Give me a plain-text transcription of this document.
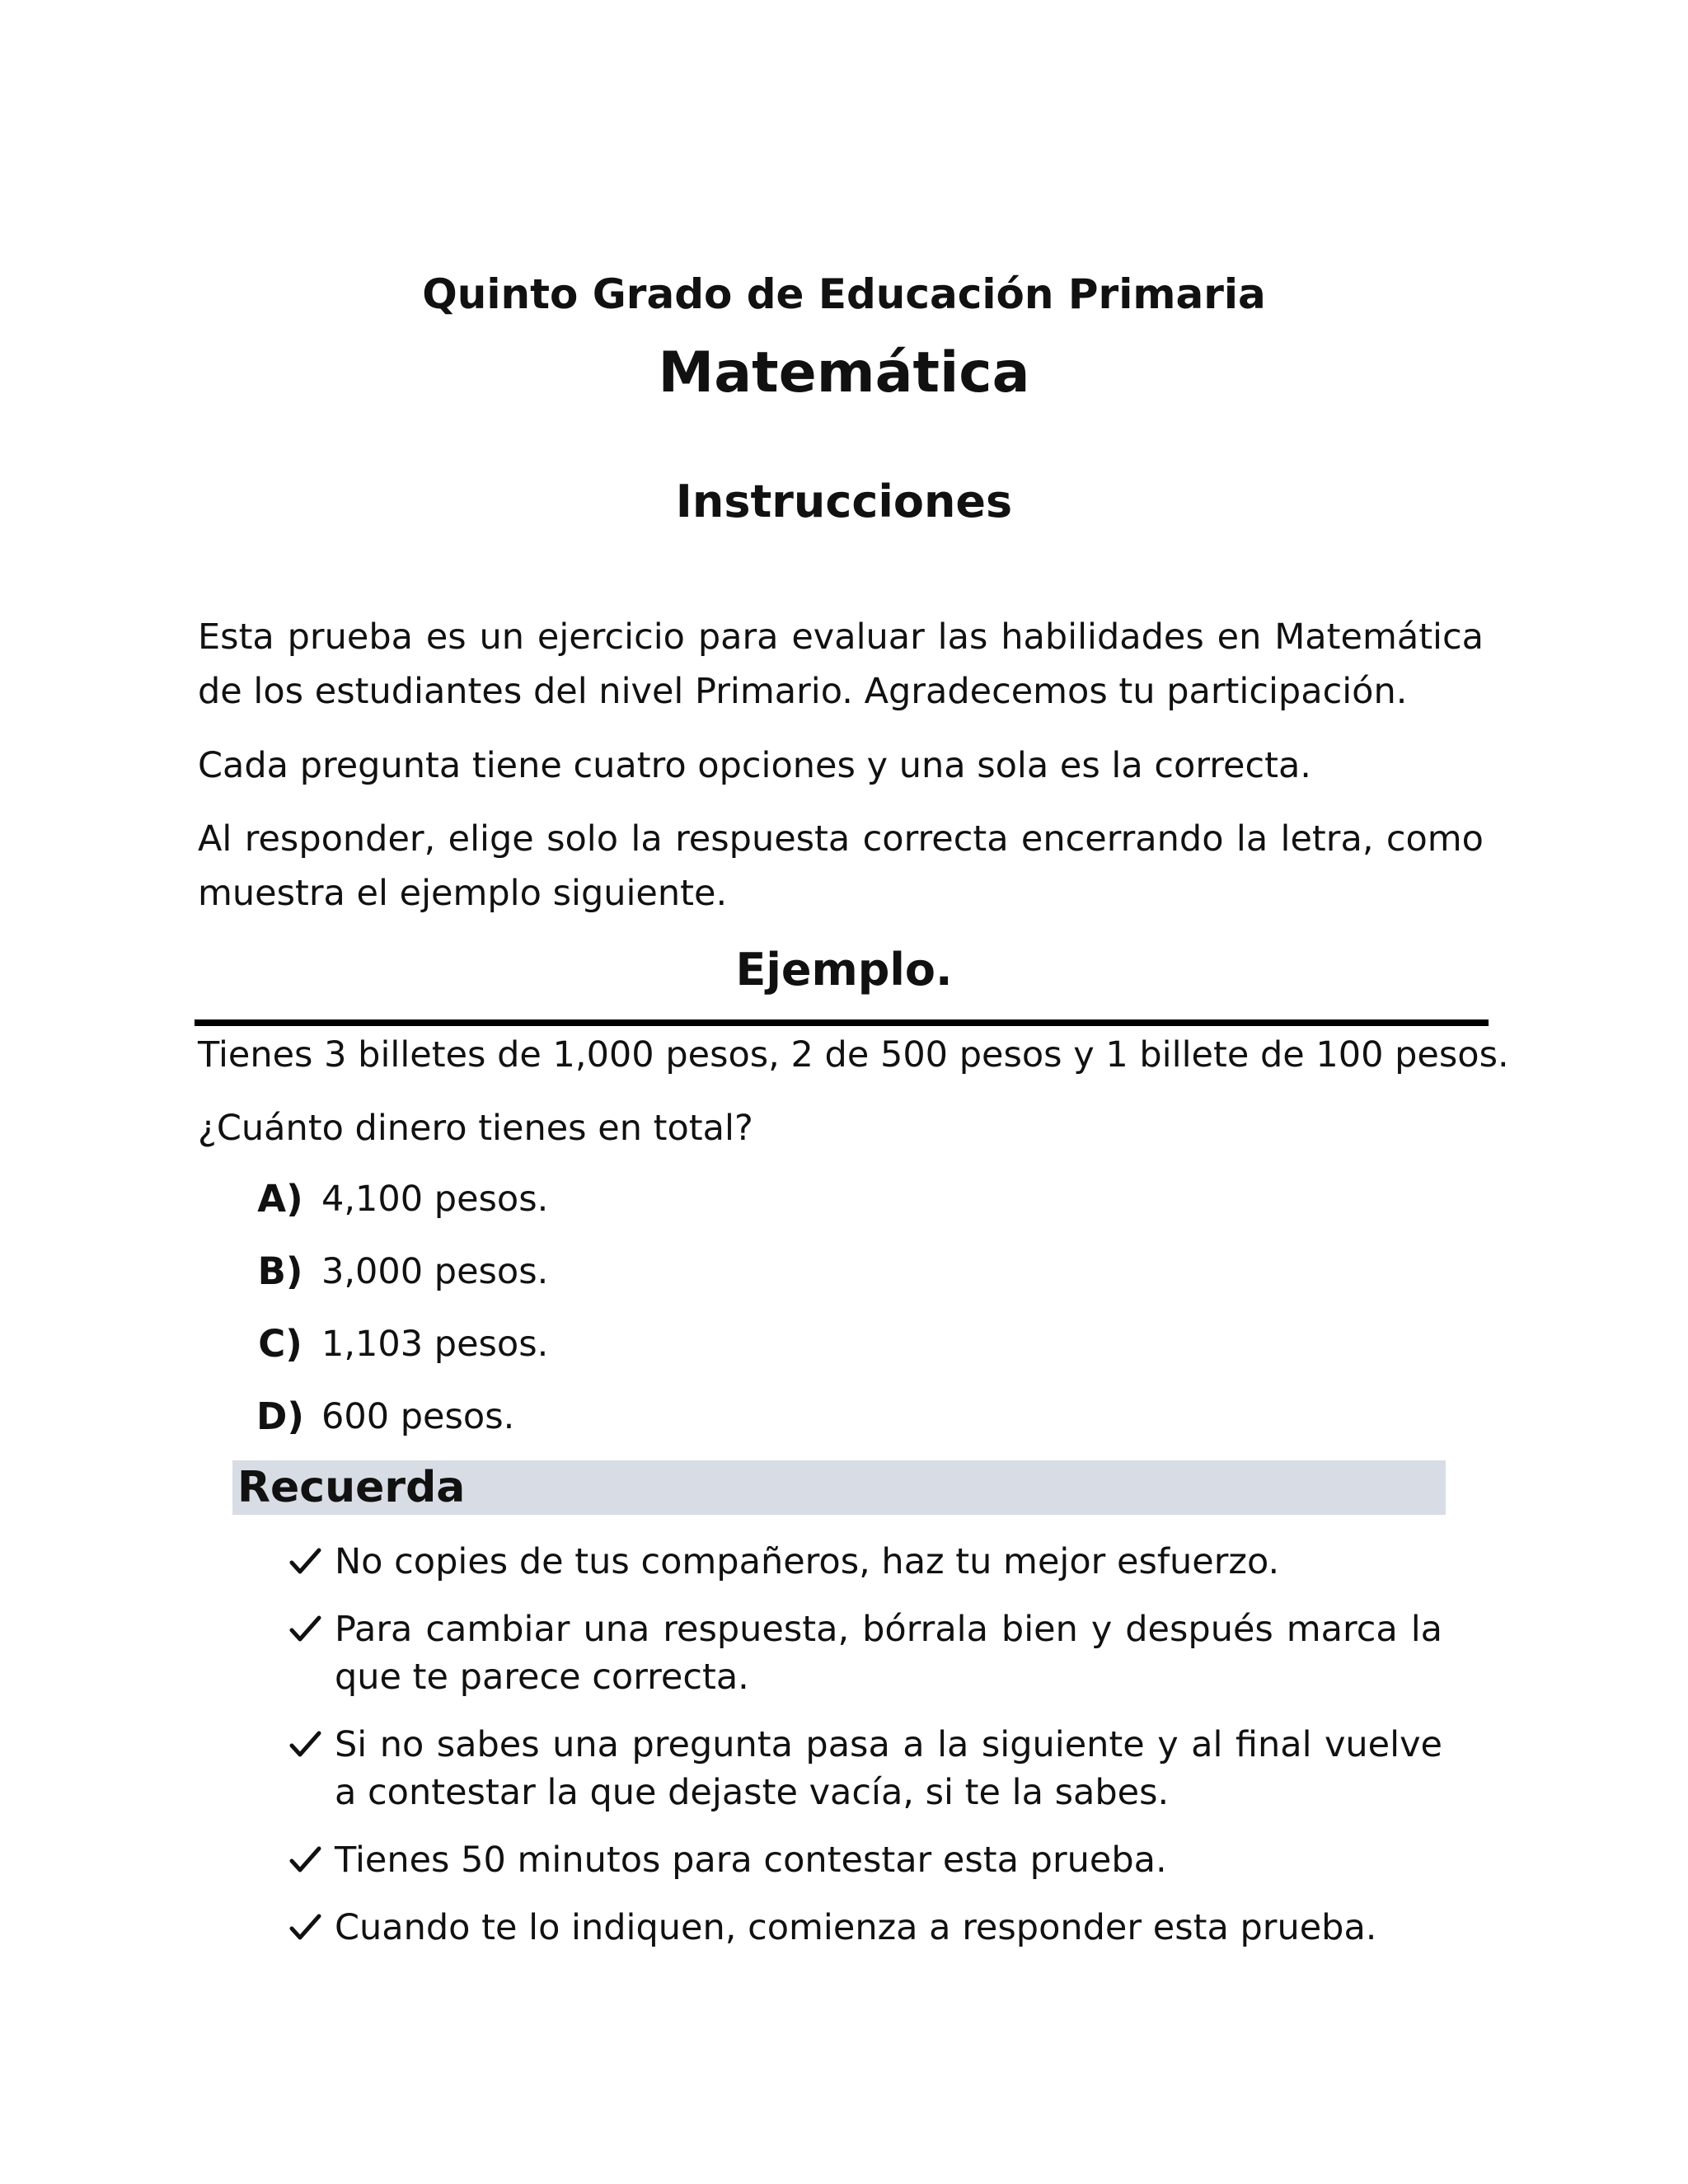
Quinto Grado de Educación Primaria
Matemática
Instrucciones
Esta prueba es un ejercicio para evaluar las habilidades en Matemática de los estudiantes del nivel Primario. Agradecemos tu participación.
Cada pregunta tiene cuatro opciones y una sola es la correcta.
Al responder, elige solo la respuesta correcta encerrando la letra, como muestra el ejemplo siguiente.
Ejemplo.
Tienes 3 billetes de 1,000 pesos, 2 de 500 pesos y 1 billete de 100 pesos.
¿Cuánto dinero tienes en total?
A) 4,100 pesos.
B) 3,000 pesos.
C) 1,103 pesos.
D) 600 pesos.
Recuerda
No copies de tus compañeros, haz tu mejor esfuerzo.
Para cambiar una respuesta, bórrala bien y después marca la que te parece correcta.
Si no sabes una pregunta pasa a la siguiente y al final vuelve a contestar la que dejaste vacía, si te la sabes.
Tienes 50 minutos para contestar esta prueba.
Cuando te lo indiquen, comienza a responder esta prueba.
